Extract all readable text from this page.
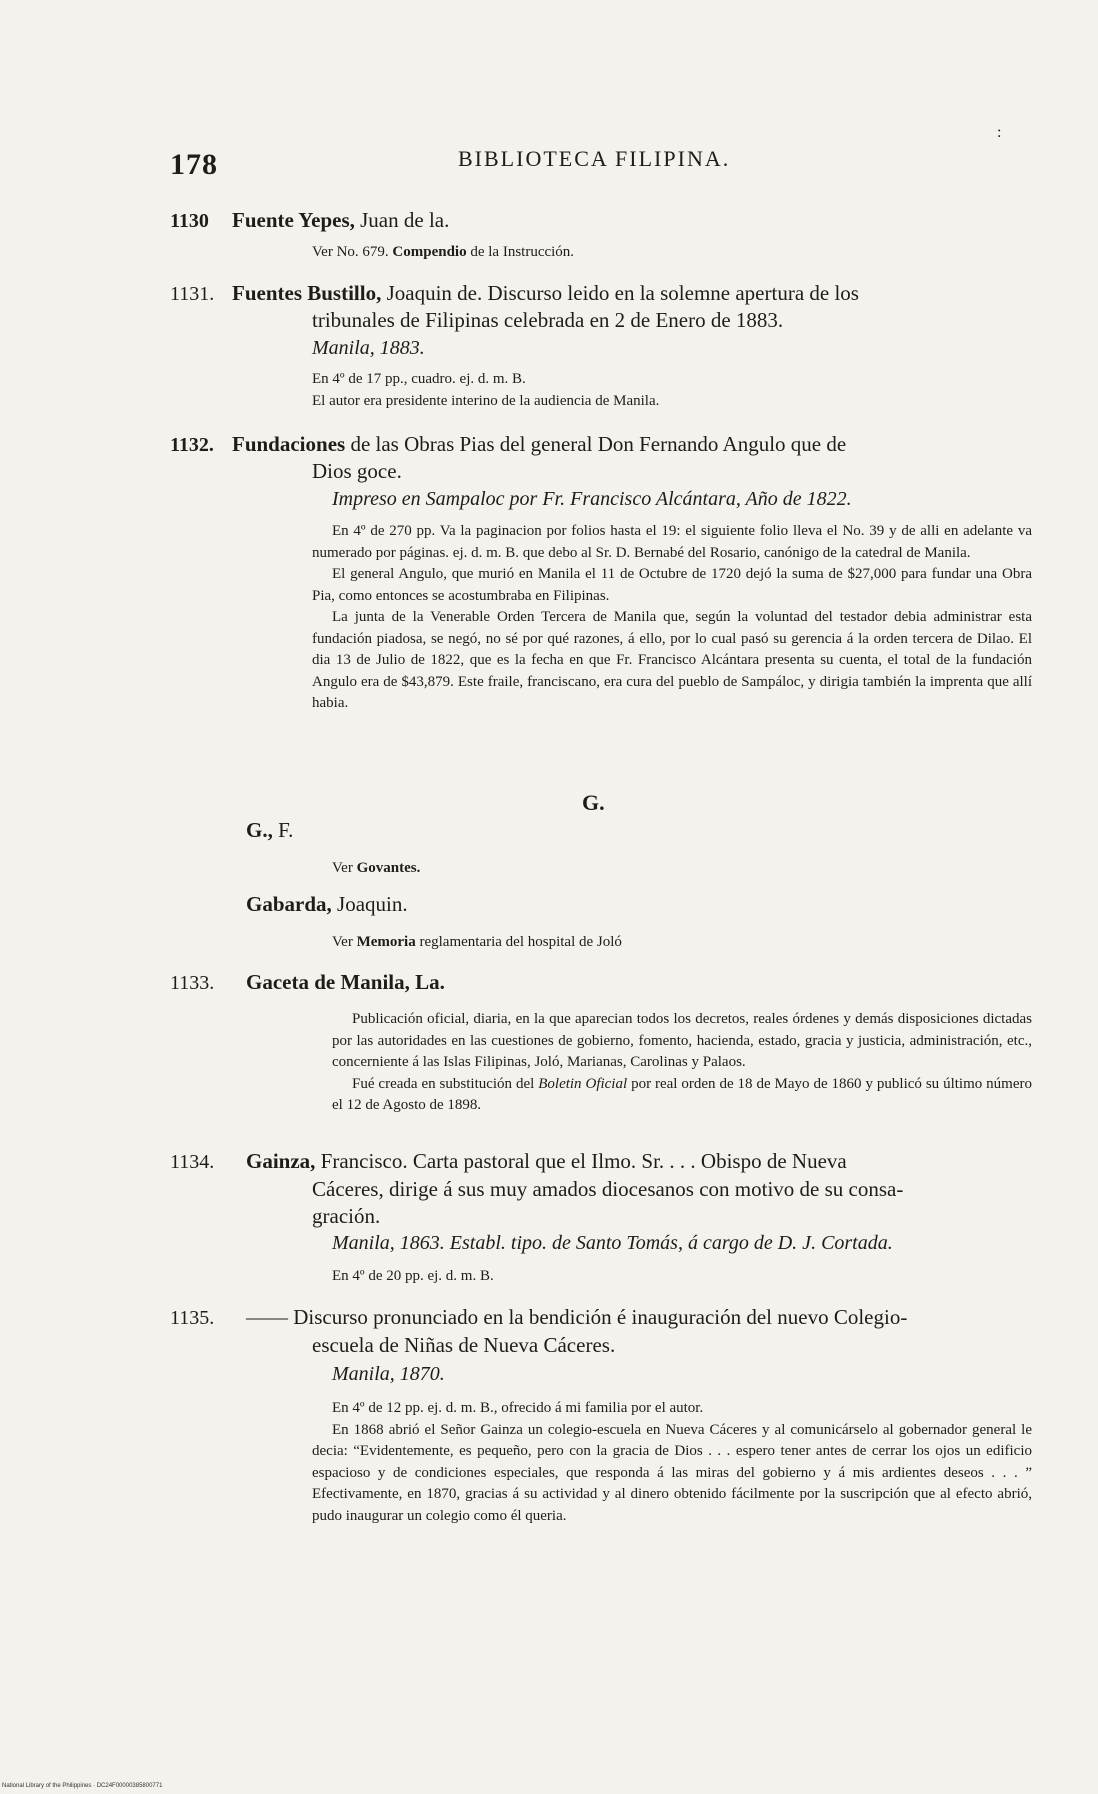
178	BIBLIOTECA FILIPINA.
:
1130 Fuente Yepes, Juan de la.
Ver No. 679. Compendio de la Instrucción.
1131. Fuentes Bustillo, Joaquin de. Discurso leido en la solemne apertura de los
tribunales de Filipinas celebrada en 2 de Enero de 1883.
Manila, 1883.
En 4º de 17 pp., cuadro. ej. d. m. B.
El autor era presidente interino de la audiencia de Manila.
1132. Fundaciones de las Obras Pias del general Don Fernando Angulo que de
Dios goce.
Impreso en Sampaloc por Fr. Francisco Alcántara, Año de 1822.

En 4º de 270 pp. Va la paginacion por folios hasta el 19: el siguiente folio lleva el No. 39 y de alli en adelante va numerado por páginas. ej. d. m. B. que debo al Sr. D. Bernabé del Rosario, canónigo de la catedral de Manila.

El general Angulo, que murió en Manila el 11 de Octubre de 1720 dejó la suma de $27,000 para fundar una Obra Pia, como entonces se acostumbraba en Filipinas.

La junta de la Venerable Orden Tercera de Manila que, según la voluntad del testador debia administrar esta fundación piadosa, se negó, no sé por qué razones, á ello, por lo cual pasó su gerencia á la orden tercera de Dilao. El dia 13 de Julio de 1822, que es la fecha en que Fr. Francisco Alcántara presenta su cuenta, el total de la fundación Angulo era de $43,879. Este fraile, franciscano, era cura del pueblo de Sampáloc, y dirigia también la imprenta que allí habia.

G.
G., F.
Ver Govantes.
Gabarda, Joaquin.
Ver Memoria reglamentaria del hospital de Joló
1133. Gaceta de Manila, La.

Publicación oficial, diaria, en la que aparecian todos los decretos, reales órdenes y demás disposiciones dictadas por las autoridades en las cuestiones de gobierno, fomento, hacienda, estado, gracia y justicia, administración, etc., concerniente á las Islas Filipinas, Joló, Marianas, Carolinas y Palaos.

Fué creada en substitución del Boletin Oficial por real orden de 18 de Mayo de 1860 y publicó su último número el 12 de Agosto de 1898.

1134. Gainza, Francisco. Carta pastoral que el Ilmo. Sr. . . . Obispo de Nueva
Cáceres, dirige á sus muy amados diocesanos con motivo de su consa-
gración.
Manila, 1863. Establ. tipo. de Santo Tomás, á cargo de D. J. Cortada.
En 4º de 20 pp. ej. d. m. B.
1135. —— Discurso pronunciado en la bendición é inauguración del nuevo Colegio-
escuela de Niñas de Nueva Cáceres.
Manila, 1870.

En 4º de 12 pp. ej. d. m. B., ofrecido á mi familia por el autor.

En 1868 abrió el Señor Gainza un colegio-escuela en Nueva Cáceres y al comunicárselo al gobernador general le decia: “Evidentemente, es pequeño, pero con la gracia de Dios . . . espero tener antes de cerrar los ojos un edificio espacioso y de condiciones especiales, que responda á las miras del gobierno y á mis ardientes deseos . . . ” Efectivamente, en 1870, gracias á su actividad y al dinero obtenido fácilmente por la suscripción que al efecto abrió, pudo inaugurar un colegio como él queria.

National Library of the Philippines · DC24F00000385800771
